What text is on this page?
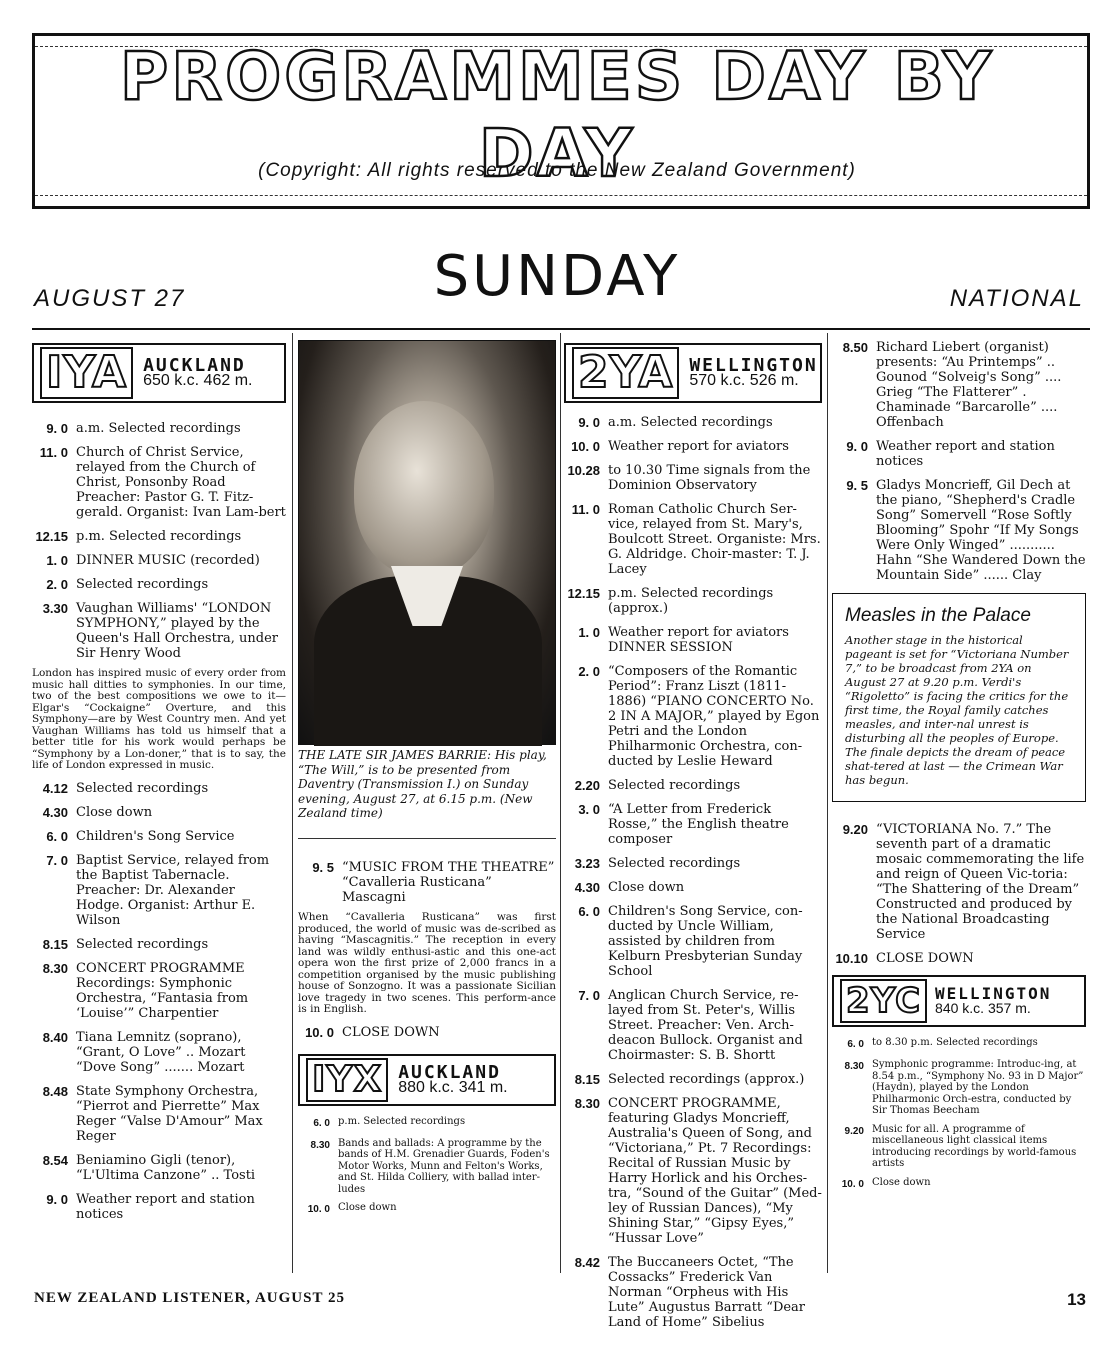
PROGRAMMES DAY BY DAY
(Copyright: All rights reserved to the New Zealand Government)
AUGUST 27	SUNDAY	NATIONAL
IYA AUCKLAND
650 k.c. 462 m.
9. 0 a.m. Selected recordings
11. 0 Church of Christ Service, relayed from the Church of Christ, Ponsonby Road Preacher: Pastor G. T. Fitz-gerald. Organist: Ivan Lam-bert
12.15 p.m. Selected recordings
1. 0 DINNER MUSIC (recorded)
2. 0 Selected recordings
3.30 Vaughan Williams' “LONDON SYMPHONY,” played by the Queen's Hall Orchestra, under Sir Henry Wood
London has inspired music of every order from music hall ditties to symphonies. In our time, two of the best compositions we owe to it—Elgar's “Cockaigne” Overture, and this Symphony—are by West Country men. And yet Vaughan Williams has told us himself that a better title for his work would perhaps be “Symphony by a Lon-doner,” that is to say, the life of London expressed in music.
4.12 Selected recordings
4.30 Close down
6. 0 Children's Song Service
7. 0 Baptist Service, relayed from the Baptist Tabernacle. Preacher: Dr. Alexander Hodge. Organist: Arthur E. Wilson
8.15 Selected recordings
8.30 CONCERT PROGRAMME Recordings: Symphonic Orchestra, “Fantasia from ‘Louise’” Charpentier
8.40 Tiana Lemnitz (soprano), “Grant, O Love” .. Mozart “Dove Song” ....... Mozart
8.48 State Symphony Orchestra, “Pierrot and Pierrette” Max Reger “Valse D'Amour” Max Reger
8.54 Beniamino Gigli (tenor), “L'Ultima Canzone” .. Tosti
9. 0 Weather report and station notices
THE LATE SIR JAMES BARRIE: His play, “The Will,” is to be presented from Daventry (Transmission I.) on Sunday evening, August 27, at 6.15 p.m. (New Zealand time)
9. 5 “MUSIC FROM THE THEATRE” “Cavalleria Rusticana” Mascagni
When “Cavalleria Rusticana” was first produced, the world of music was de-scribed as having “Mascagnitis.” The reception in every land was wildly enthusi-astic and this one-act opera won the first prize of 2,000 francs in a competition organised by the music publishing house of Sonzogno. It was a passionate Sicilian love tragedy in two scenes. This perform-ance is in English.
10. 0 CLOSE DOWN
IYX AUCKLAND
880 k.c. 341 m.
6. 0 p.m. Selected recordings
8.30 Bands and ballads: A programme by the bands of H.M. Grenadier Guards, Foden's Motor Works, Munn and Felton's Works, and St. Hilda Colliery, with ballad inter-ludes
10. 0 Close down
2YA WELLINGTON
570 k.c. 526 m.
9. 0 a.m. Selected recordings
10. 0 Weather report for aviators
10.28 to 10.30 Time signals from the Dominion Observatory
11. 0 Roman Catholic Church Ser-vice, relayed from St. Mary's, Boulcott Street. Organiste: Mrs. G. Aldridge. Choir-master: T. J. Lacey
12.15 p.m. Selected recordings (approx.)
1. 0 Weather report for aviators DINNER SESSION
2. 0 “Composers of the Romantic Period”: Franz Liszt (1811-1886) “PIANO CONCERTO No. 2 IN A MAJOR,” played by Egon Petri and the London Philharmonic Orchestra, con-ducted by Leslie Heward
2.20 Selected recordings
3. 0 “A Letter from Frederick Rosse,” the English theatre composer
3.23 Selected recordings
4.30 Close down
6. 0 Children's Song Service, con-ducted by Uncle William, assisted by children from Kelburn Presbyterian Sunday School
7. 0 Anglican Church Service, re-layed from St. Peter's, Willis Street. Preacher: Ven. Arch-deacon Bullock. Organist and Choirmaster: S. B. Shortt
8.15 Selected recordings (approx.)
8.30 CONCERT PROGRAMME, featuring Gladys Moncrieff, Australia's Queen of Song, and “Victoriana,” Pt. 7 Recordings: Recital of Russian Music by Harry Horlick and his Orches-tra, “Sound of the Guitar” (Med-ley of Russian Dances), “My Shining Star,” “Gipsy Eyes,” “Hussar Love”
8.42 The Buccaneers Octet, “The Cossacks” Frederick Van Norman “Orpheus with His Lute” Augustus Barratt “Dear Land of Home” Sibelius
8.50 Richard Liebert (organist) presents: “Au Printemps” .. Gounod “Solveig's Song” .... Grieg “The Flatterer” . Chaminade “Barcarolle” .... Offenbach
9. 0 Weather report and station notices
9. 5 Gladys Moncrieff, Gil Dech at the piano, “Shepherd's Cradle Song” Somervell “Rose Softly Blooming” Spohr “If My Songs Were Only Winged” ........... Hahn “She Wandered Down the Mountain Side” ...... Clay
Measles in the Palace
Another stage in the historical pageant is set for “Victoriana Number 7,” to be broadcast from 2YA on August 27 at 9.20 p.m. Verdi's “Rigoletto” is facing the critics for the first time, the Royal family catches measles, and inter-nal unrest is disturbing all the peoples of Europe. The finale depicts the dream of peace shat-tered at last — the Crimean War has begun.
9.20 “VICTORIANA No. 7.” The seventh part of a dramatic mosaic commemorating the life and reign of Queen Vic-toria: “The Shattering of the Dream” Constructed and produced by the National Broadcasting Service
10.10 CLOSE DOWN
2YC WELLINGTON
840 k.c. 357 m.
6. 0 to 8.30 p.m. Selected recordings
8.30 Symphonic programme: Introduc-ing, at 8.54 p.m., “Symphony No. 93 in D Major” (Haydn), played by the London Philharmonic Orch-estra, conducted by Sir Thomas Beecham
9.20 Music for all. A programme of miscellaneous light classical items introducing recordings by world-famous artists
10. 0 Close down
NEW ZEALAND LISTENER, AUGUST 25	13
